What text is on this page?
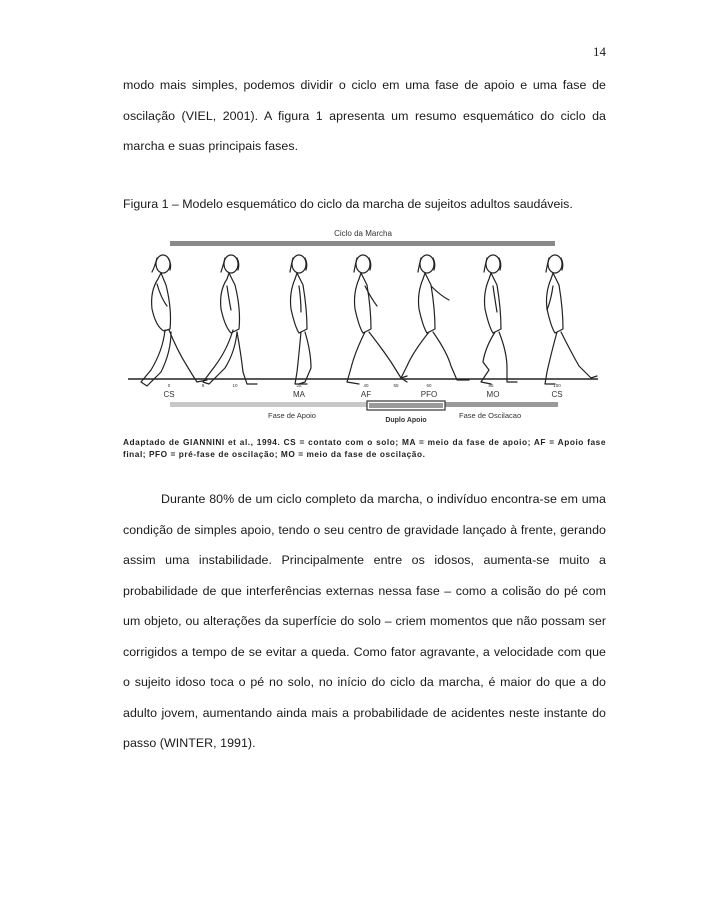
14

modo mais simples, podemos dividir o ciclo em uma fase de apoio e uma fase de oscilação (VIEL, 2001). A figura 1 apresenta um resumo esquemático do ciclo da marcha e suas principais fases.

Figura 1 – Modelo esquemático do ciclo da marcha de sujeitos adultos saudáveis.

Ciclo da Marcha
0	8	10	25	40	55	60	85	100
CS	MA	AF	PFO	MO	CS
Fase de Apoio
Duplo Apoio
Fase de Oscilacao

Adaptado de GIANNINI et al., 1994. CS = contato com o solo; MA = meio da fase de apoio; AF = Apoio fase final; PFO = pré-fase de oscilação; MO = meio da fase de oscilação.

Durante 80% de um ciclo completo da marcha, o indivíduo encontra-se em uma condição de simples apoio, tendo o seu centro de gravidade lançado à frente, gerando assim uma instabilidade. Principalmente entre os idosos, aumenta-se muito a probabilidade de que interferências externas nessa fase – como a colisão do pé com um objeto, ou alterações da superfície do solo – criem momentos que não possam ser corrigidos a tempo de se evitar a queda. Como fator agravante, a velocidade com que o sujeito idoso toca o pé no solo, no início do ciclo da marcha, é maior do que a do adulto jovem, aumentando ainda mais a probabilidade de acidentes neste instante do passo (WINTER, 1991).
